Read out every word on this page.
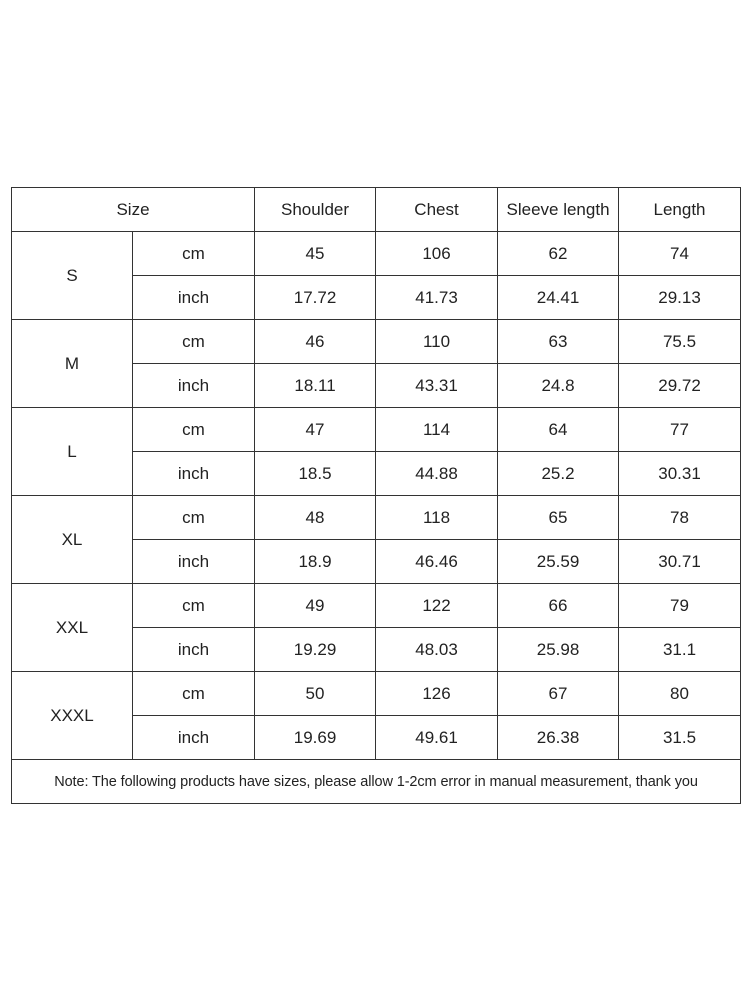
Size		Shoulder	Chest	Sleeve length	Length
S	cm	45	106	62	74
	inch	17.72	41.73	24.41	29.13
M	cm	46	110	63	75.5
	inch	18.11	43.31	24.8	29.72
L	cm	47	114	64	77
	inch	18.5	44.88	25.2	30.31
XL	cm	48	118	65	78
	inch	18.9	46.46	25.59	30.71
XXL	cm	49	122	66	79
	inch	19.29	48.03	25.98	31.1
XXXL	cm	50	126	67	80
	inch	19.69	49.61	26.38	31.5
Note: The following products have sizes, please allow 1-2cm error in manual measurement, thank you					
